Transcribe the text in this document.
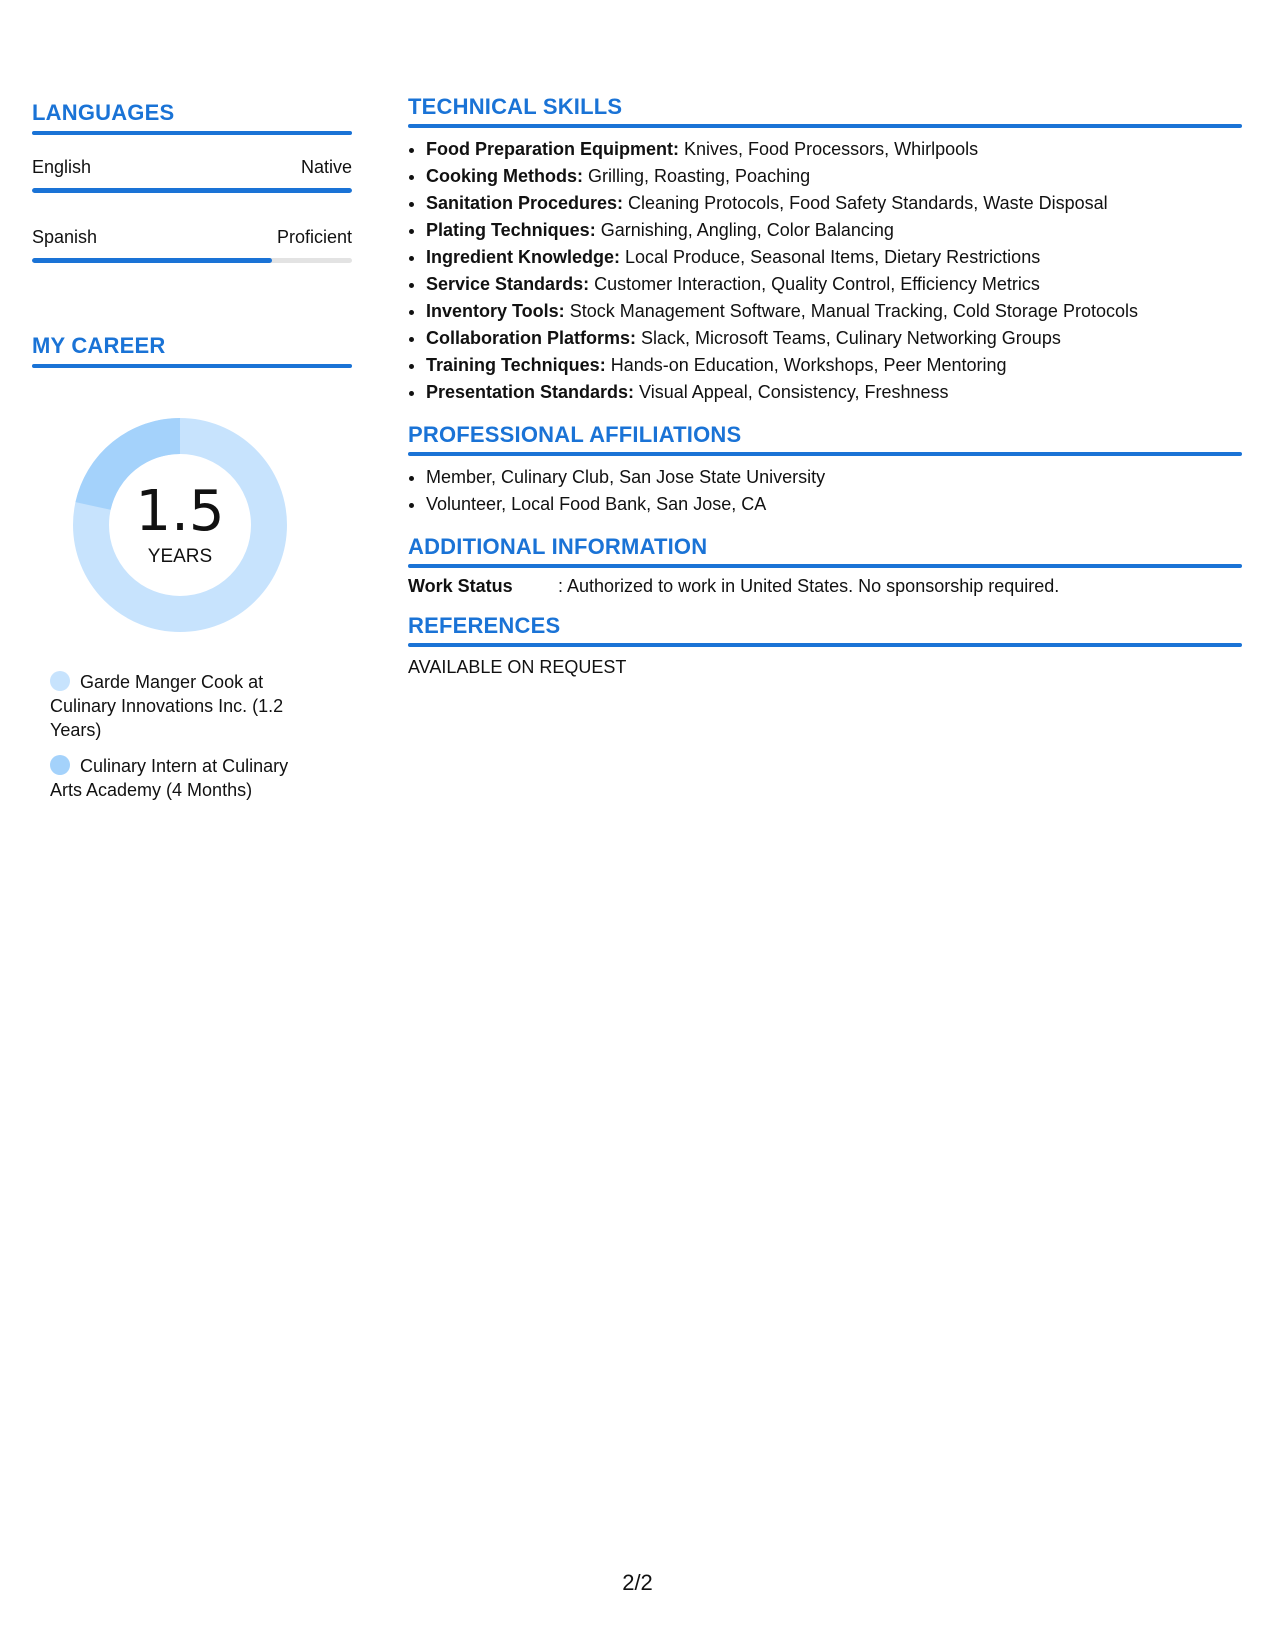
LANGUAGES
English	Native
Spanish	Proficient
MY CAREER
1.5
YEARS
Garde Manger Cook at Culinary Innovations Inc. (1.2 Years)
Culinary Intern at Culinary Arts Academy (4 Months)
TECHNICAL SKILLS
• Food Preparation Equipment: Knives, Food Processors, Whirlpools
• Cooking Methods: Grilling, Roasting, Poaching
• Sanitation Procedures: Cleaning Protocols, Food Safety Standards, Waste Disposal
• Plating Techniques: Garnishing, Angling, Color Balancing
• Ingredient Knowledge: Local Produce, Seasonal Items, Dietary Restrictions
• Service Standards: Customer Interaction, Quality Control, Efficiency Metrics
• Inventory Tools: Stock Management Software, Manual Tracking, Cold Storage Protocols
• Collaboration Platforms: Slack, Microsoft Teams, Culinary Networking Groups
• Training Techniques: Hands-on Education, Workshops, Peer Mentoring
• Presentation Standards: Visual Appeal, Consistency, Freshness
PROFESSIONAL AFFILIATIONS
• Member, Culinary Club, San Jose State University
• Volunteer, Local Food Bank, San Jose, CA
ADDITIONAL INFORMATION
Work Status	: Authorized to work in United States. No sponsorship required.
REFERENCES
AVAILABLE ON REQUEST
2/2
